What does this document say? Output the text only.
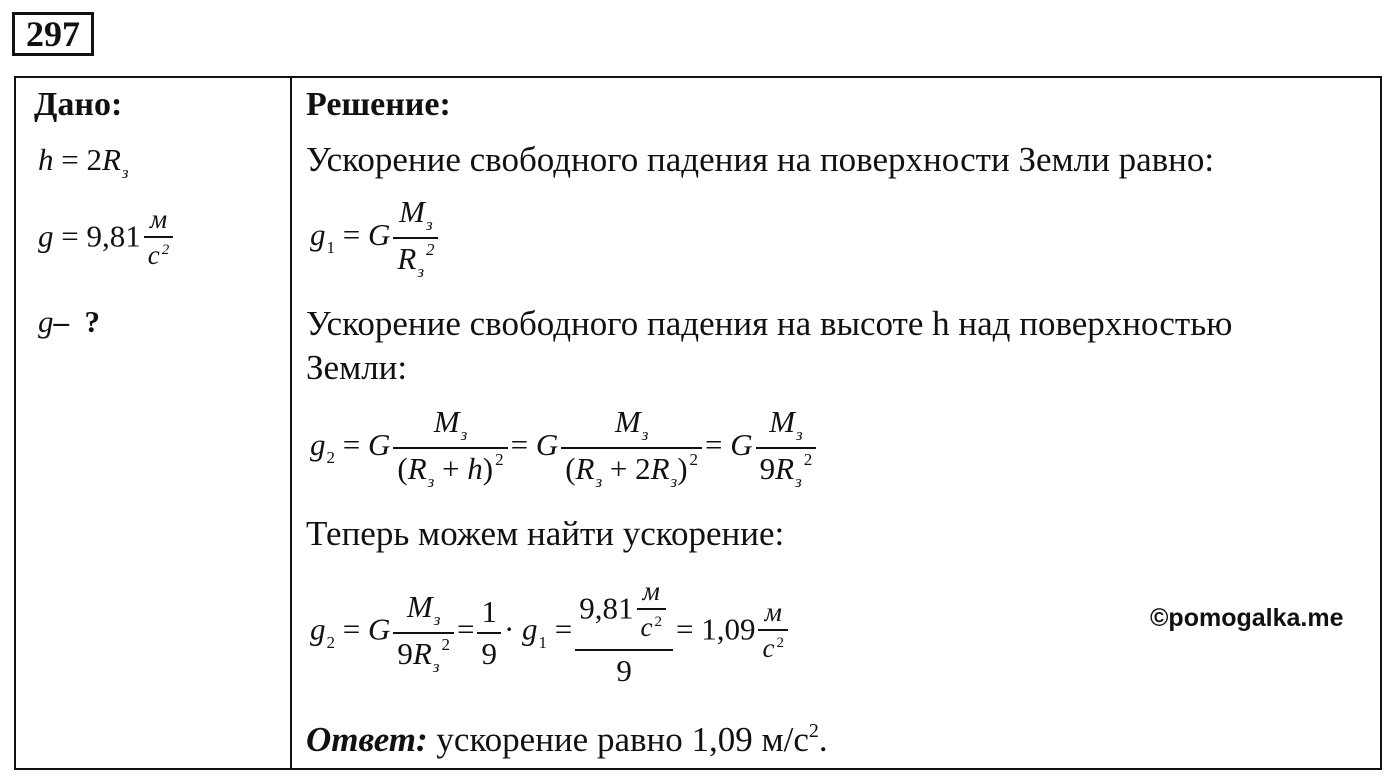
297
Дано:
$h = 2R_з$
$g = 9,81 \frac{м}{c ^2}$
g– ?
Решение:
Ускорение свободного падения на поверхности Земли равно:
$g_1 = G \frac{M_з}{R_з^2}$
Ускорение свободного падения на высоте h над поверхностью
Земли:
$g_2 = G \frac{M_з}{(R_з + h) ^2} = G \frac{M_з}{(R_з + 2R_з) ^2} = G \frac{M_з}{9R_з^2}$
Теперь можем найти ускорение:
$g_2 = G \frac{M_з}{9R_з^2} = \frac{1}{9} \cdot g_1 = \frac{9,81 \frac{м}{c ^2}}{9} = 1,09 \frac{м}{c ^2}$
Ответ: ускорение равно 1,09 $м/с^2$.
©pomogalka.me
